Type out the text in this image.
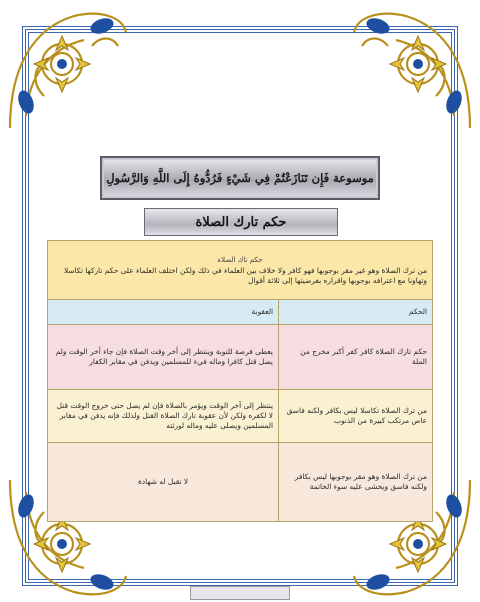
موسوعة فَإِن تَنَازَعْتُمْ فِي شَيْءٍ فَرُدُّوهُ إِلَى اللَّهِ وَالرَّسُولِ
حكم تارك الصلاة
حكم تاك الصلاة
من ترك الصلاة وهو غير مقر بوجوبها فهو كافر ولا خلاف بين العلماء في ذلك ولكن اختلف العلماء على حكم تاركها تكاسلا وتهاونا مع اعترافه بوجوبها واقراره بفرضيتها إلى ثلاثة أقوال	

الحكم	العقوبة
حكم تارك الصلاة كافر كفر أكبر مخرج من الملة	يعطى فرصة للتوبة وينتظر إلى أخر وقت الصلاة فإن جاء أخر الوقت ولم يصل قتل كافرا وماله فيء للمسلمين ويدفن في مقابر الكفار
من ترك الصلاة تكاسلا ليس بكافر ولكنه فاسق عاص مرتكب كبيرة من الذنوب	ينتظر إلى آخر الوقت ويؤمر بالصلاة فإن لم يصل حتى خروج الوقت قتل لا لكفره ولكن لأن عقوبة تارك الصلاة القتل ولذلك فإنه يدفن في مقابر المسلمين ويصلى عليه وماله لورثته
من ترك الصلاة وهو مقر بوجوبها ليس بكافر ولكنه فاسق ويخشى عليه سوء الخاتمة	لا تقبل له شهادة
